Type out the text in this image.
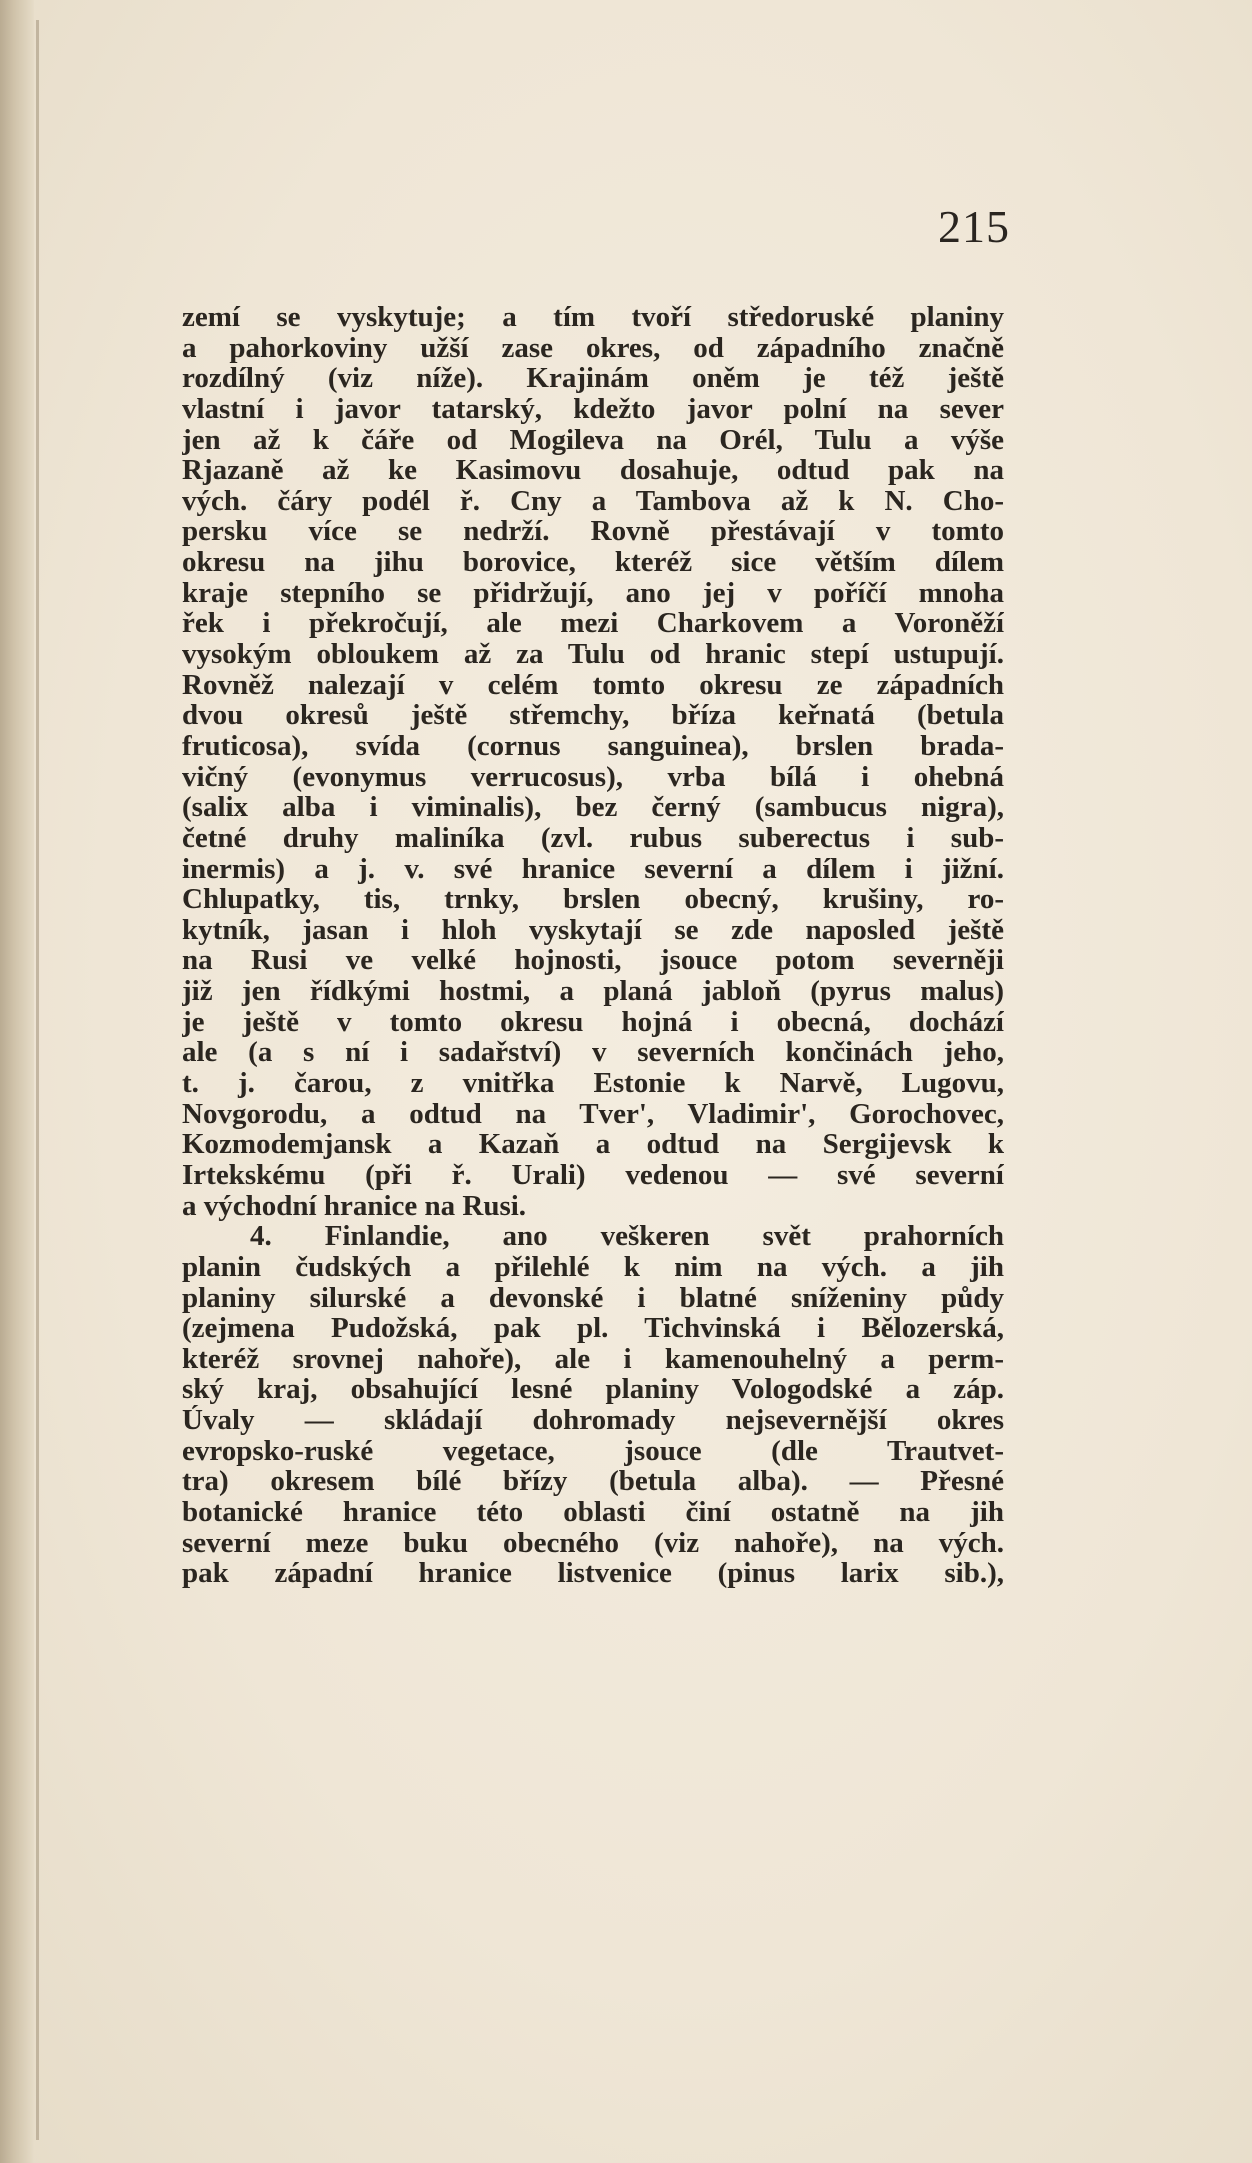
215
zemí se vyskytuje; a tím tvoří středoruské planiny
a pahorkoviny užší zase okres, od západního značně
rozdílný (viz níže). Krajinám oněm je též ještě
vlastní i javor tatarský, kdežto javor polní na sever
jen až k čáře od Mogileva na Orél, Tulu a výše
Rjazaně až ke Kasimovu dosahuje, odtud pak na
vých. čáry podél ř. Cny a Tambova až k N. Cho-
persku více se nedrží. Rovně přestávají v tomto
okresu na jihu borovice, kteréž sice větším dílem
kraje stepního se přidržují, ano jej v poříčí mnoha
řek i překročují, ale mezi Charkovem a Voroněží
vysokým obloukem až za Tulu od hranic stepí ustupují.
Rovněž nalezají v celém tomto okresu ze západních
dvou okresů ještě střemchy, bříza keřnatá (betula
fruticosa), svída (cornus sanguinea), brslen brada-
vičný (evonymus verrucosus), vrba bílá i ohebná
(salix alba i viminalis), bez černý (sambucus nigra),
četné druhy maliníka (zvl. rubus suberectus i sub-
inermis) a j. v. své hranice severní a dílem i jižní.
Chlupatky, tis, trnky, brslen obecný, krušiny, ro-
kytník, jasan i hloh vyskytají se zde naposled ještě
na Rusi ve velké hojnosti, jsouce potom severněji
již jen řídkými hostmi, a planá jabloň (pyrus malus)
je ještě v tomto okresu hojná i obecná, dochází
ale (a s ní i sadařství) v severních končinách jeho,
t. j. čarou, z vnitřka Estonie k Narvě, Lugovu,
Novgorodu, a odtud na Tver', Vladimir', Gorochovec,
Kozmodemjansk a Kazaň a odtud na Sergijevsk k
Irtekskému (při ř. Urali) vedenou — své severní
a východní hranice na Rusi.
4. Finlandie, ano veškeren svět prahorních
planin čudských a přilehlé k nim na vých. a jih
planiny silurské a devonské i blatné sníženiny půdy
(zejmena Pudožská, pak pl. Tichvinská i Bělozerská,
kteréž srovnej nahoře), ale i kamenouhelný a perm-
ský kraj, obsahující lesné planiny Vologodské a záp.
Úvaly — skládají dohromady nejsevernější okres
evropsko-ruské vegetace, jsouce (dle Trautvet-
tra) okresem bílé břízy (betula alba). — Přesné
botanické hranice této oblasti činí ostatně na jih
severní meze buku obecného (viz nahoře), na vých.
pak západní hranice listvenice (pinus larix sib.),
